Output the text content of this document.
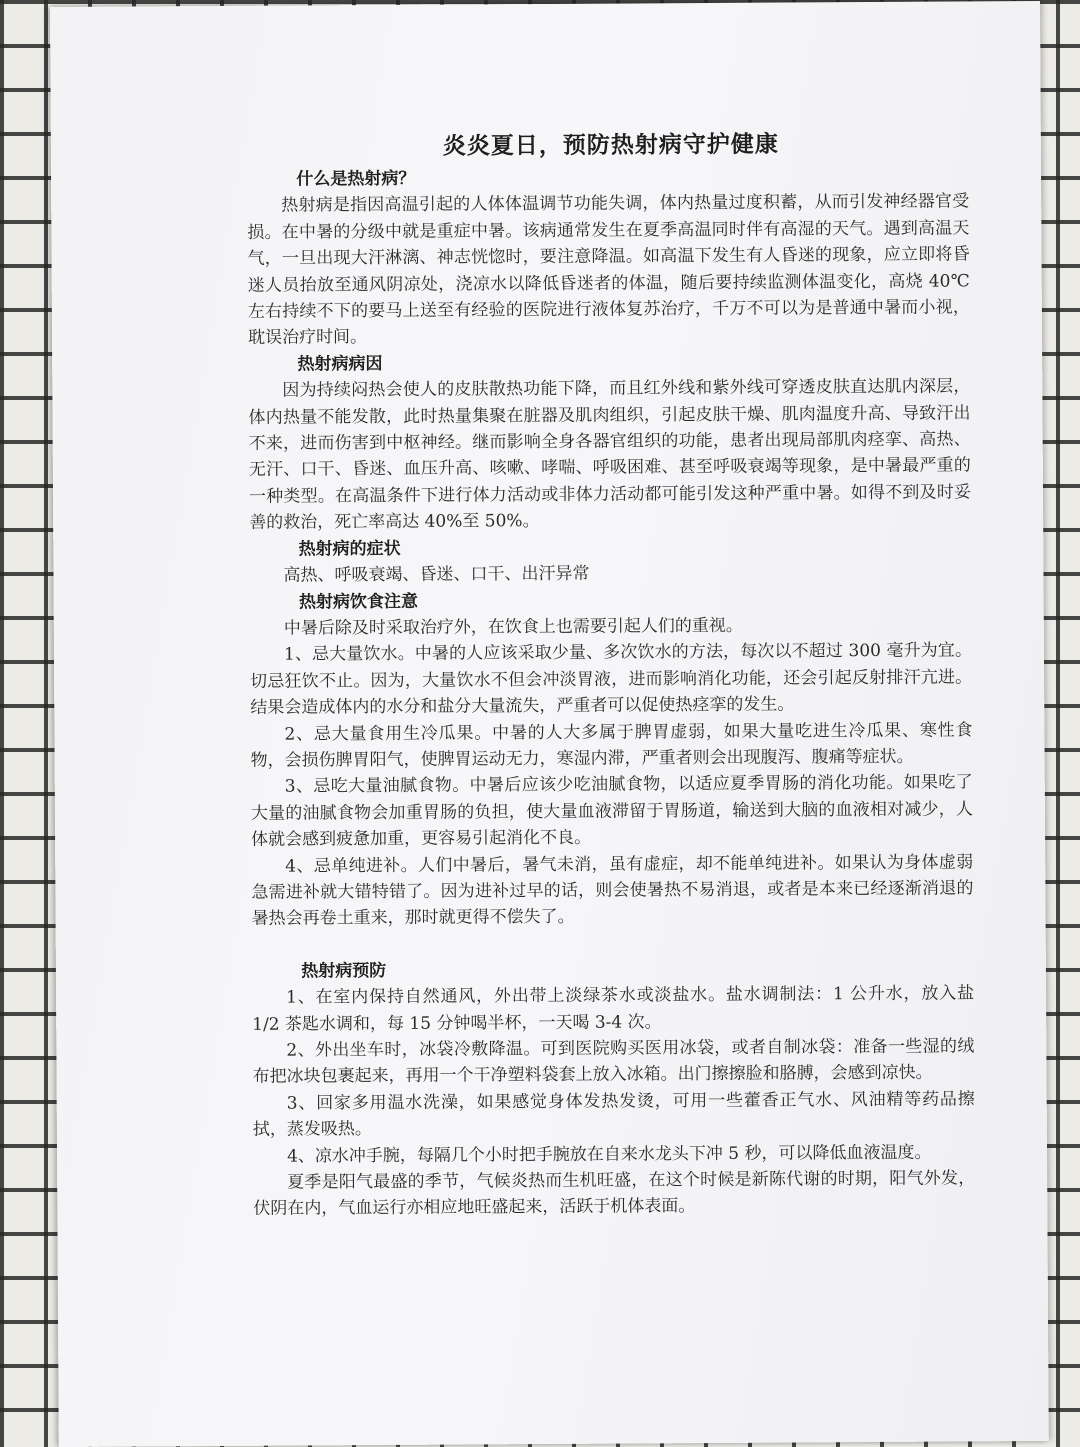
炎炎夏日，预防热射病守护健康
什么是热射病？

热射病是指因高温引起的人体体温调节功能失调，体内热量过度积蓄，从而引发神经器官受损。在中暑的分级中就是重症中暑。该病通常发生在夏季高温同时伴有高湿的天气。遇到高温天气，一旦出现大汗淋漓、神志恍惚时，要注意降温。如高温下发生有人昏迷的现象，应立即将昏迷人员抬放至通风阴凉处，浇凉水以降低昏迷者的体温，随后要持续监测体温变化，高烧 40℃左右持续不下的要马上送至有经验的医院进行液体复苏治疗，千万不可以为是普通中暑而小视，耽误治疗时间。

热射病病因

因为持续闷热会使人的皮肤散热功能下降，而且红外线和紫外线可穿透皮肤直达肌内深层，体内热量不能发散，此时热量集聚在脏器及肌肉组织，引起皮肤干燥、肌肉温度升高、导致汗出不来，进而伤害到中枢神经。继而影响全身各器官组织的功能，患者出现局部肌肉痉挛、高热、无汗、口干、昏迷、血压升高、咳嗽、哮喘、呼吸困难、甚至呼吸衰竭等现象，是中暑最严重的一种类型。在高温条件下进行体力活动或非体力活动都可能引发这种严重中暑。如得不到及时妥善的救治，死亡率高达 40%至 50%。

热射病的症状

高热、呼吸衰竭、昏迷、口干、出汗异常

热射病饮食注意

中暑后除及时采取治疗外，在饮食上也需要引起人们的重视。

1、忌大量饮水。中暑的人应该采取少量、多次饮水的方法，每次以不超过 300 毫升为宜。切忌狂饮不止。因为，大量饮水不但会冲淡胃液，进而影响消化功能，还会引起反射排汗亢进。结果会造成体内的水分和盐分大量流失，严重者可以促使热痉挛的发生。

2、忌大量食用生冷瓜果。中暑的人大多属于脾胃虚弱，如果大量吃进生冷瓜果、寒性食物，会损伤脾胃阳气，使脾胃运动无力，寒湿内滞，严重者则会出现腹泻、腹痛等症状。

3、忌吃大量油腻食物。中暑后应该少吃油腻食物，以适应夏季胃肠的消化功能。如果吃了大量的油腻食物会加重胃肠的负担，使大量血液滞留于胃肠道，输送到大脑的血液相对减少，人体就会感到疲惫加重，更容易引起消化不良。

4、忌单纯进补。人们中暑后，暑气未消，虽有虚症，却不能单纯进补。如果认为身体虚弱急需进补就大错特错了。因为进补过早的话，则会使暑热不易消退，或者是本来已经逐渐消退的暑热会再卷土重来，那时就更得不偿失了。

热射病预防

1、在室内保持自然通风，外出带上淡绿茶水或淡盐水。盐水调制法：1 公升水，放入盐 1/2 茶匙水调和，每 15 分钟喝半杯，一天喝 3-4 次。

2、外出坐车时，冰袋冷敷降温。可到医院购买医用冰袋，或者自制冰袋：准备一些湿的绒布把冰块包裹起来，再用一个干净塑料袋套上放入冰箱。出门擦擦脸和胳膊，会感到凉快。

3、回家多用温水洗澡，如果感觉身体发热发烫，可用一些藿香正气水、风油精等药品擦拭，蒸发吸热。

4、凉水冲手腕，每隔几个小时把手腕放在自来水龙头下冲 5 秒，可以降低血液温度。

夏季是阳气最盛的季节，气候炎热而生机旺盛，在这个时候是新陈代谢的时期，阳气外发，伏阴在内，气血运行亦相应地旺盛起来，活跃于机体表面。
